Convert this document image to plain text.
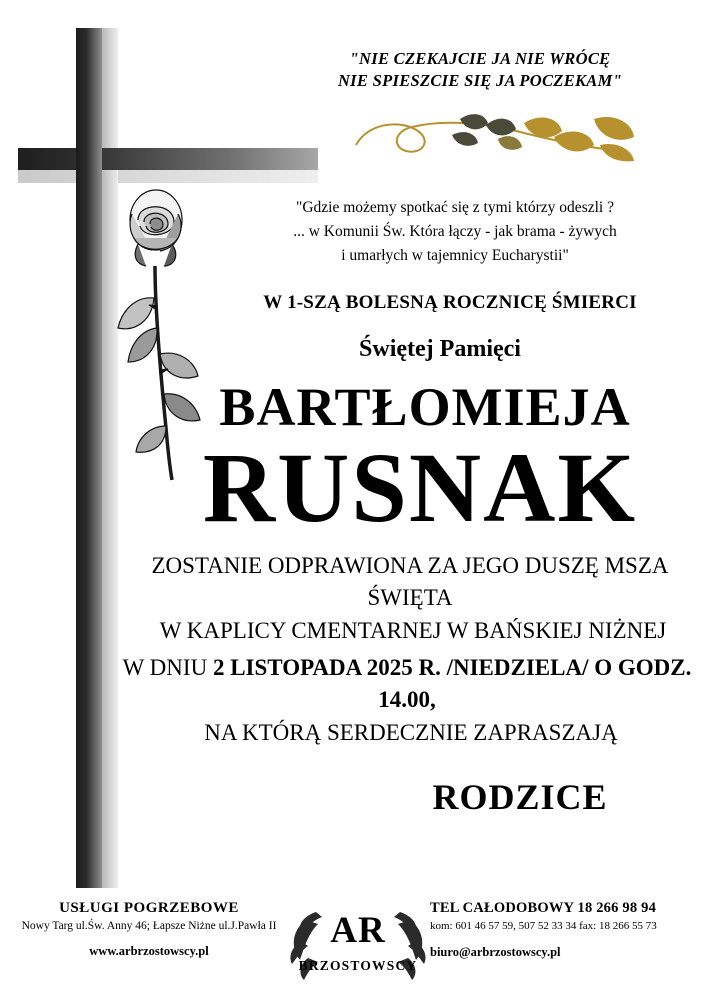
"NIE CZEKAJCIE JA NIE WRÓCĘ
NIE SPIESZCIE SIĘ JA POCZEKAM"
"Gdzie możemy spotkać się z tymi którzy odeszli ?
... w Komunii Św. Która łączy - jak brama - żywych
i umarłych w tajemnicy Eucharystii"
W 1-SZĄ BOLESNĄ ROCZNICĘ ŚMIERCI
Świętej Pamięci
BARTŁOMIEJA
RUSNAK
ZOSTANIE ODPRAWIONA ZA JEGO DUSZĘ MSZA ŚWIĘTA
W KAPLICY CMENTARNEJ W BAŃSKIEJ NIŻNEJ
W DNIU 2 LISTOPADA 2025 R. /NIEDZIELA/ O GODZ. 14.00,
NA KTÓRĄ SERDECZNIE ZAPRASZAJĄ
RODZICE
USŁUGI POGRZEBOWE
Nowy Targ ul.Św. Anny 46; Łapsze Niżne ul.J.Pawła II
www.arbrzostowscy.pl	AR
BRZOSTOWSCY
TEL CAŁODOBOWY 18 266 98 94
kom: 601 46 57 59, 507 52 33 34 fax: 18 266 55 73
biuro@arbrzostowscy.pl
